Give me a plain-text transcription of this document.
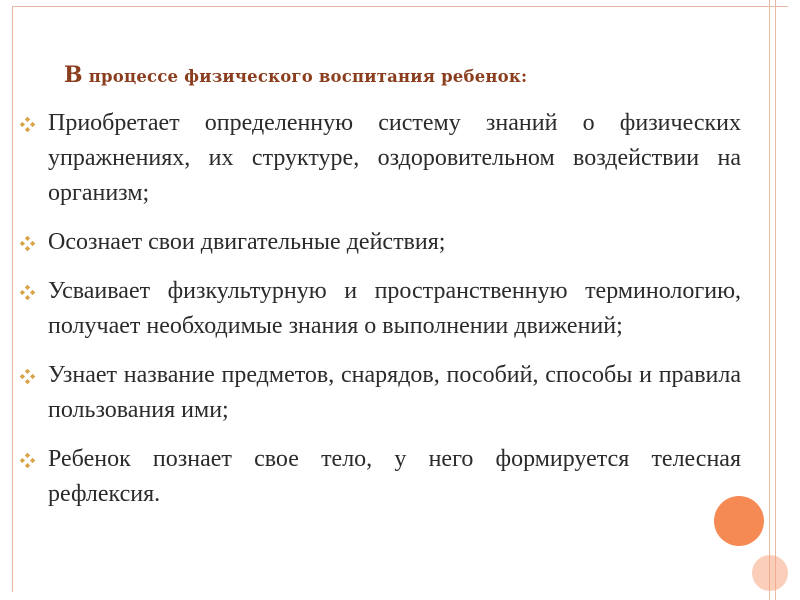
В процессе физического воспитания ребенок:
Приобретает определенную систему знаний о физических упражнениях, их структуре, оздоровительном воздействии на организм;
Осознает свои двигательные действия;
Усваивает физкультурную и пространственную терминологию, получает необходимые знания о выполнении движений;
Узнает название предметов, снарядов, пособий, способы и правила пользования ими;
Ребенок познает свое тело, у него формируется телесная рефлексия.
